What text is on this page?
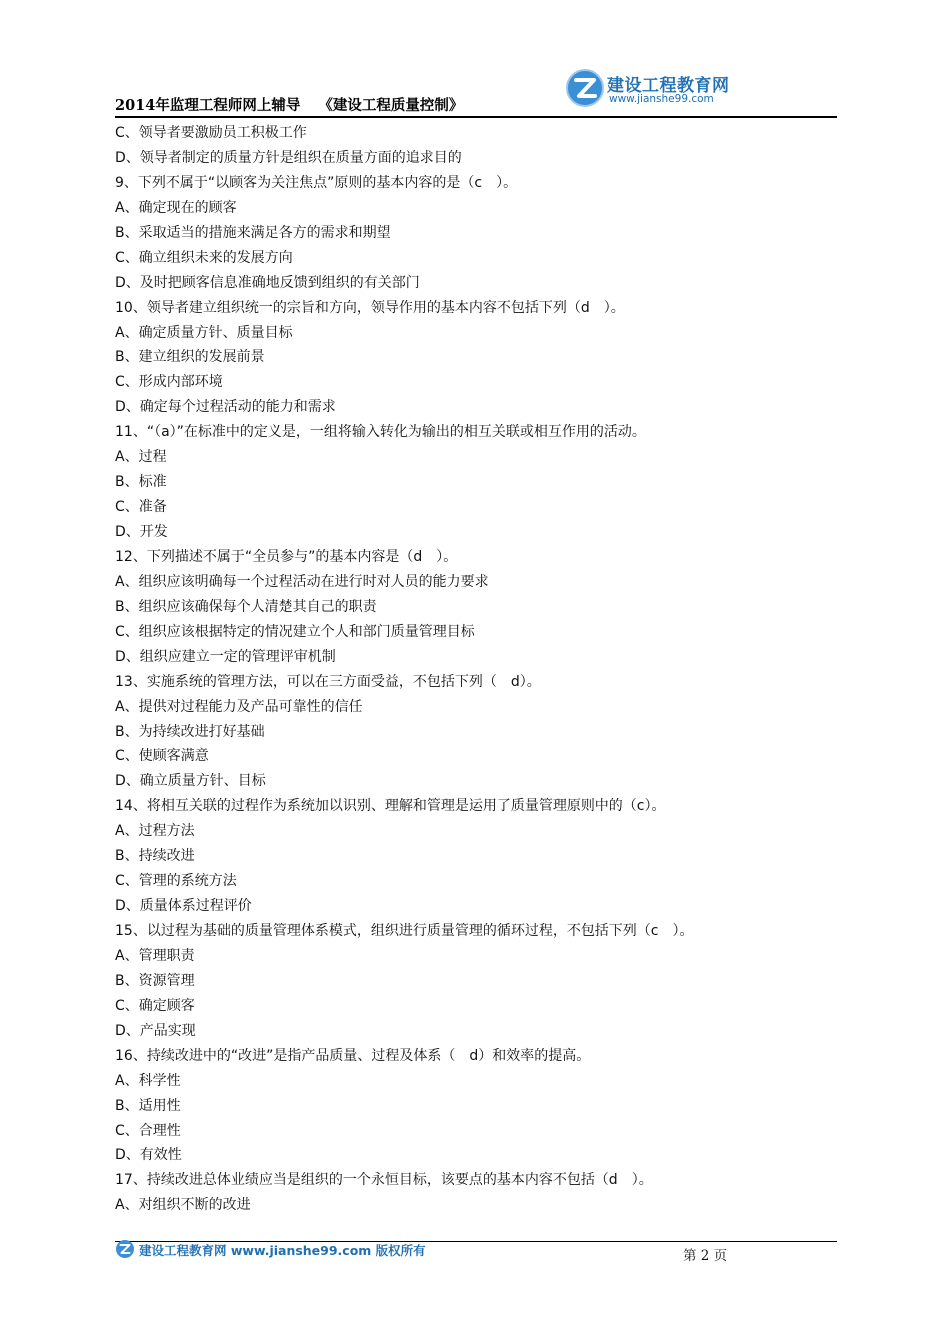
2014年监理工程师网上辅导 《建设工程质量控制》
建设工程教育网
www.jianshe99.com
C、领导者要激励员工积极工作
D、领导者制定的质量方针是组织在质量方面的追求目的
9、下列不属于“以顾客为关注焦点”原则的基本内容的是（c　）。
A、确定现在的顾客
B、采取适当的措施来满足各方的需求和期望
C、确立组织未来的发展方向
D、及时把顾客信息准确地反馈到组织的有关部门
10、领导者建立组织统一的宗旨和方向，领导作用的基本内容不包括下列（d　）。
A、确定质量方针、质量目标
B、建立组织的发展前景
C、形成内部环境
D、确定每个过程活动的能力和需求
11、“（a）”在标准中的定义是，一组将输入转化为输出的相互关联或相互作用的活动。
A、过程
B、标准
C、准备
D、开发
12、下列描述不属于“全员参与”的基本内容是（d　）。
A、组织应该明确每一个过程活动在进行时对人员的能力要求
B、组织应该确保每个人清楚其自己的职责
C、组织应该根据特定的情况建立个人和部门质量管理目标
D、组织应建立一定的管理评审机制
13、实施系统的管理方法，可以在三方面受益，不包括下列（　d）。
A、提供对过程能力及产品可靠性的信任
B、为持续改进打好基础
C、使顾客满意
D、确立质量方针、目标
14、将相互关联的过程作为系统加以识别、理解和管理是运用了质量管理原则中的（c）。
A、过程方法
B、持续改进
C、管理的系统方法
D、质量体系过程评价
15、以过程为基础的质量管理体系模式，组织进行质量管理的循环过程，不包括下列（c　）。
A、管理职责
B、资源管理
C、确定顾客
D、产品实现
16、持续改进中的“改进”是指产品质量、过程及体系（　d）和效率的提高。
A、科学性
B、适用性
C、合理性
D、有效性
17、持续改进总体业绩应当是组织的一个永恒目标，该要点的基本内容不包括（d　）。
A、对组织不断的改进
建设工程教育网 www.jianshe99.com 版权所有	第 2 页
